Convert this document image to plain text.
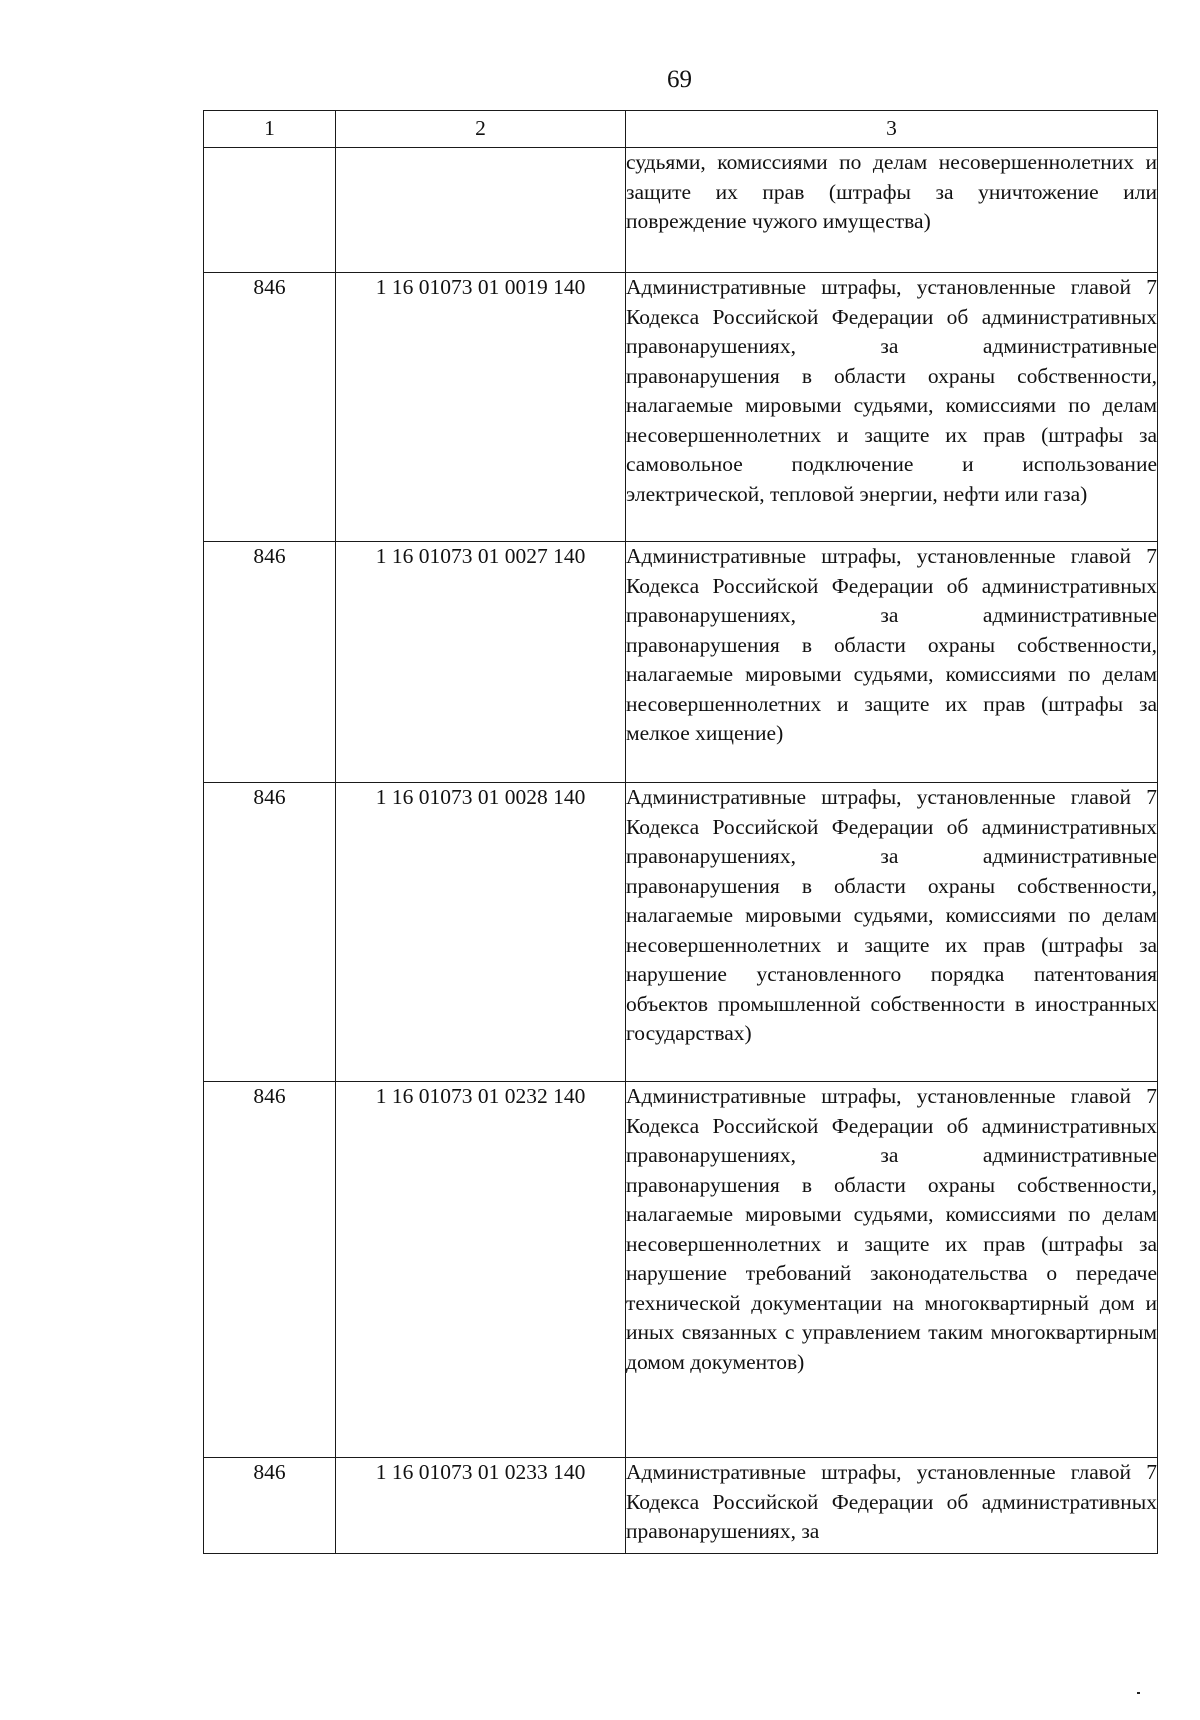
69
1	2	3

		судьями, комиссиями по делам несовершеннолетних и защите их прав (штрафы за уничтожение или повреждение чужого имущества)

846	1 16 01073 01 0019 140	Административные штрафы, установленные главой 7 Кодекса Российской Федерации об административных правонарушениях, за административные правонарушения в области охраны собственности, налагаемые мировыми судьями, комиссиями по делам несовершеннолетних и защите их прав (штрафы за самовольное подключение и использование электрической, тепловой энергии, нефти или газа)

846	1 16 01073 01 0027 140	Административные штрафы, установленные главой 7 Кодекса Российской Федерации об административных правонарушениях, за административные правонарушения в области охраны собственности, налагаемые мировыми судьями, комиссиями по делам несовершеннолетних и защите их прав (штрафы за мелкое хищение)

846	1 16 01073 01 0028 140	Административные штрафы, установленные главой 7 Кодекса Российской Федерации об административных правонарушениях, за административные правонарушения в области охраны собственности, налагаемые мировыми судьями, комиссиями по делам несовершеннолетних и защите их прав (штрафы за нарушение установленного порядка патентования объектов промышленной собственности в иностранных государствах)

846	1 16 01073 01 0232 140	Административные штрафы, установленные главой 7 Кодекса Российской Федерации об административных правонарушениях, за административные правонарушения в области охраны собственности, налагаемые мировыми судьями, комиссиями по делам несовершеннолетних и защите их прав (штрафы за нарушение требований законодательства о передаче технической документации на многоквартирный дом и иных связанных с управлением таким многоквартирным домом документов)

846	1 16 01073 01 0233 140	Административные штрафы, установленные главой 7 Кодекса Российской Федерации об административных правонарушениях, за
